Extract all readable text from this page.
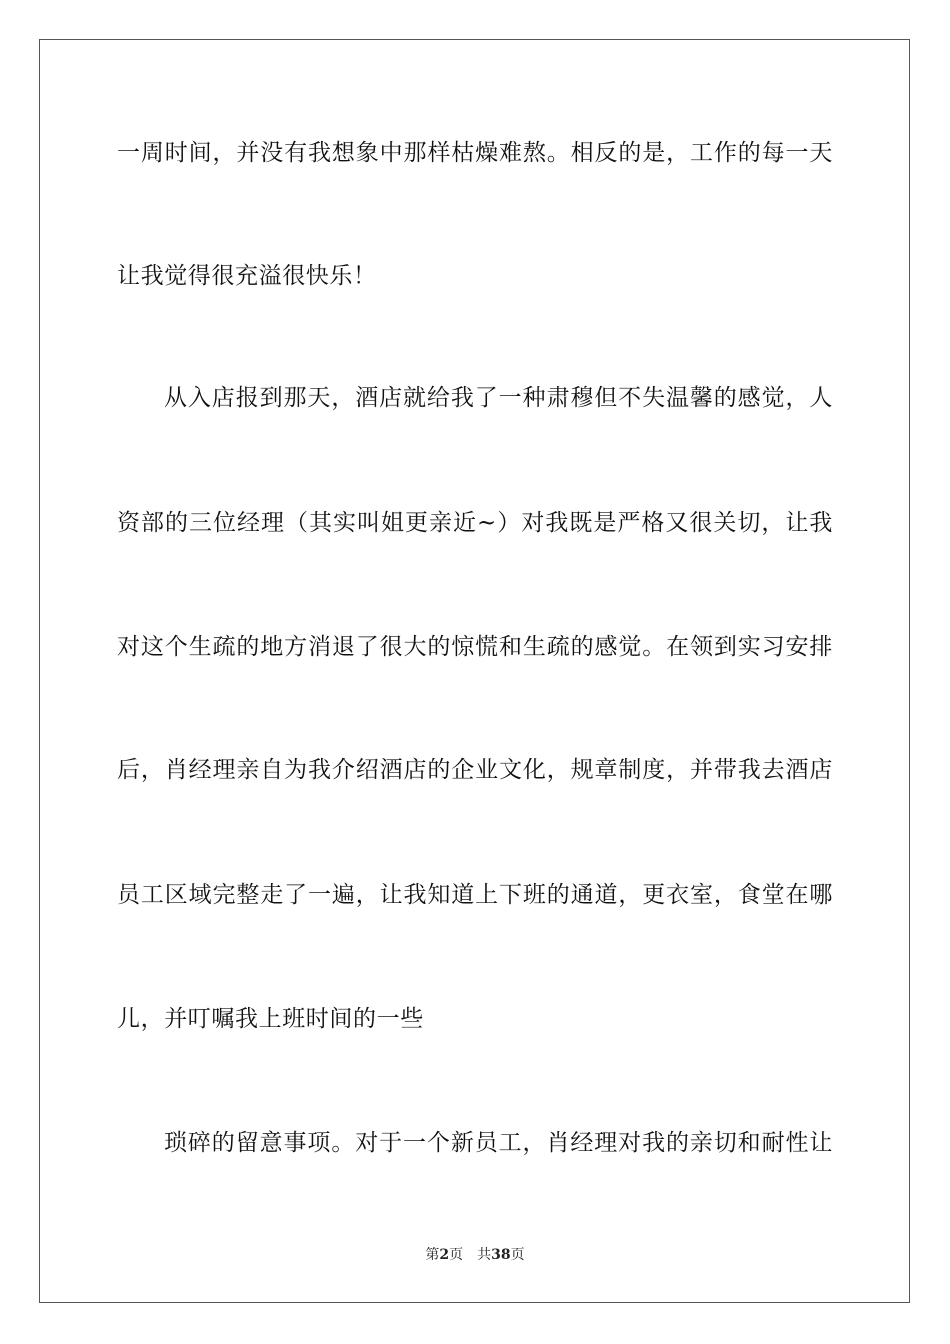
一周时间，并没有我想象中那样枯燥难熬。相反的是，工作的每一天
让我觉得很充溢很快乐！
从入店报到那天，酒店就给我了一种肃穆但不失温馨的感觉，人
资部的三位经理（其实叫姐更亲近~）对我既是严格又很关切，让我
对这个生疏的地方消退了很大的惊慌和生疏的感觉。在领到实习安排
后，肖经理亲自为我介绍酒店的企业文化，规章制度，并带我去酒店
员工区域完整走了一遍，让我知道上下班的通道，更衣室，食堂在哪
儿，并叮嘱我上班时间的一些
琐碎的留意事项。对于一个新员工，肖经理对我的亲切和耐性让
第2页 共38页
